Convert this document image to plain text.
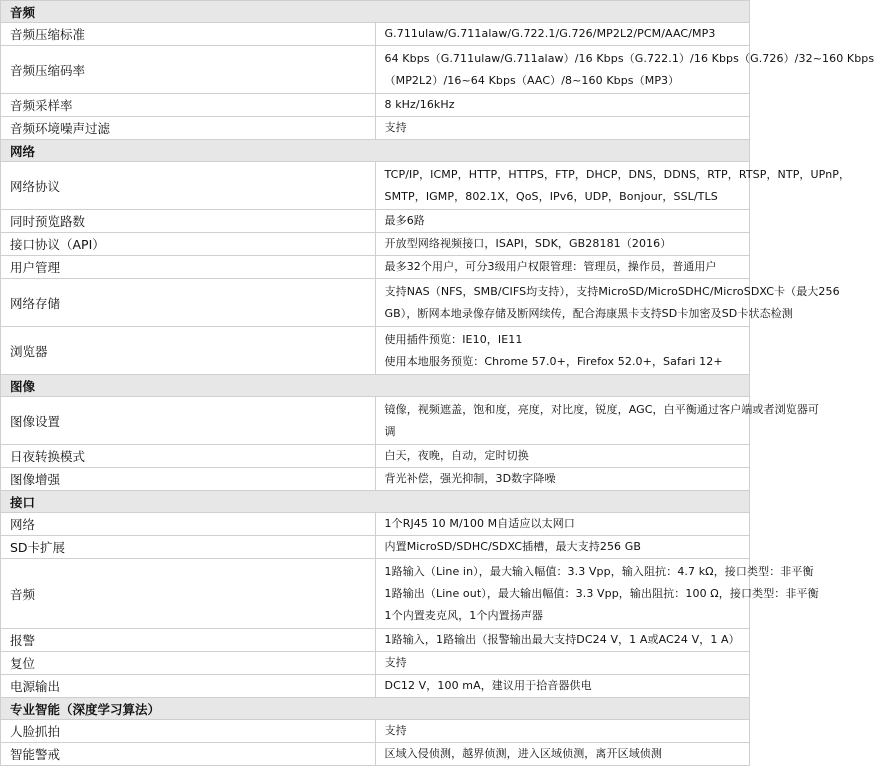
音频	
音频压缩标准	G.711ulaw/G.711alaw/G.722.1/G.726/MP2L2/PCM/AAC/MP3

音频压缩码率	64 Kbps（G.711ulaw/G.711alaw）/16 Kbps（G.722.1）/16 Kbps（G.726）/32~160 Kbps
（MP2L2）/16~64 Kbps（AAC）/8~160 Kbps（MP3）

音频采样率	8 kHz/16kHz

音频环境噪声过滤	支持

网络	
网络协议	TCP/IP，ICMP，HTTP，HTTPS，FTP，DHCP，DNS，DDNS，RTP，RTSP，NTP，UPnP，
SMTP，IGMP，802.1X，QoS，IPv6，UDP，Bonjour，SSL/TLS

同时预览路数	最多6路

接口协议（API）	开放型网络视频接口，ISAPI，SDK，GB28181（2016）

用户管理	最多32个用户，可分3级用户权限管理：管理员，操作员，普通用户

网络存储	支持NAS（NFS，SMB/CIFS均支持），支持MicroSD/MicroSDHC/MicroSDXC卡（最大256
GB），断网本地录像存储及断网续传，配合海康黑卡支持SD卡加密及SD卡状态检测

浏览器	使用插件预览：IE10，IE11
使用本地服务预览：Chrome 57.0+，Firefox 52.0+，Safari 12+

图像	
图像设置	镜像，视频遮盖，饱和度，亮度，对比度，锐度，AGC，白平衡通过客户端或者浏览器可
调

日夜转换模式	白天，夜晚，自动，定时切换

图像增强	背光补偿，强光抑制，3D数字降噪

接口	
网络	1个RJ45 10 M/100 M自适应以太网口

SD卡扩展	内置MicroSD/SDHC/SDXC插槽，最大支持256 GB

音频	1路输入（Line in），最大输入幅值：3.3 Vpp，输入阻抗：4.7 kΩ，接口类型：非平衡
1路输出（Line out），最大输出幅值：3.3 Vpp，输出阻抗：100 Ω，接口类型：非平衡
1个内置麦克风，1个内置扬声器

报警	1路输入，1路输出（报警输出最大支持DC24 V，1 A或AC24 V，1 A）

复位	支持

电源输出	DC12 V，100 mA，建议用于拾音器供电

专业智能（深度学习算法）	
人脸抓拍	支持

智能警戒	区域入侵侦测，越界侦测，进入区域侦测，离开区域侦测
